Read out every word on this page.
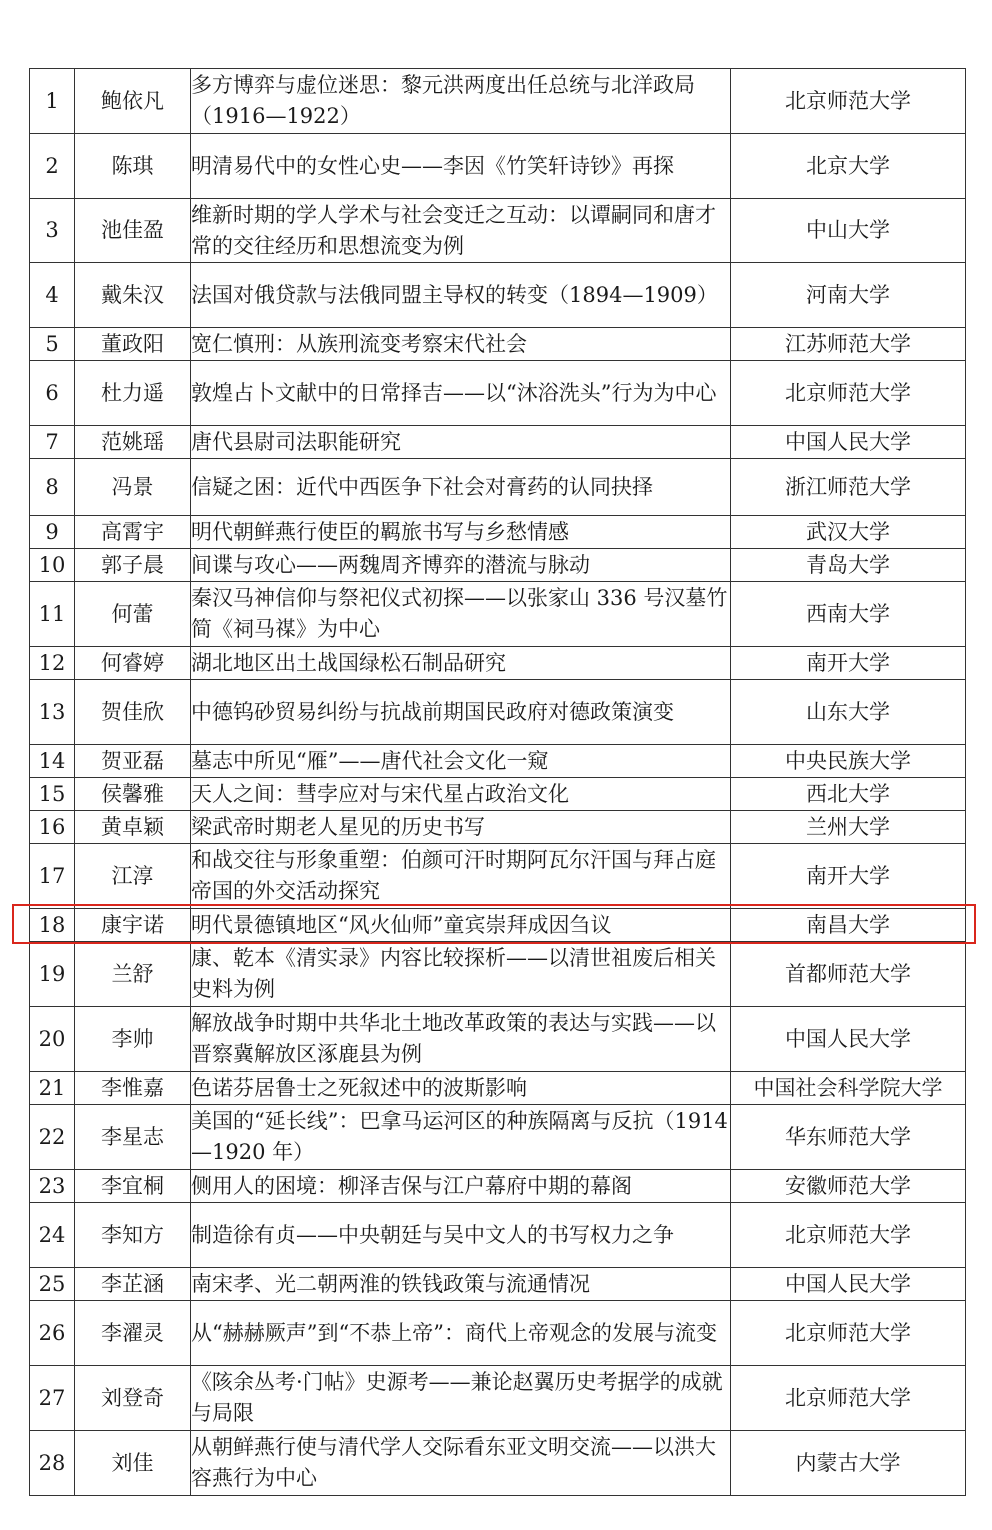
1	鲍依凡	多方博弈与虚位迷思：黎元洪两度出任总统与北洋政局（1916—1922）	北京师范大学
2	陈琪	明清易代中的女性心史——李因《竹笑轩诗钞》再探	北京大学
3	池佳盈	维新时期的学人学术与社会变迁之互动：以谭嗣同和唐才常的交往经历和思想流变为例	中山大学
4	戴朱汉	法国对俄贷款与法俄同盟主导权的转变（1894—1909）	河南大学
5	董政阳	宽仁慎刑：从族刑流变考察宋代社会	江苏师范大学
6	杜力遥	敦煌占卜文献中的日常择吉——以“沐浴洗头”行为为中心	北京师范大学
7	范姚瑶	唐代县尉司法职能研究	中国人民大学
8	冯景	信疑之困：近代中西医争下社会对膏药的认同抉择	浙江师范大学
9	高霄宇	明代朝鲜燕行使臣的羁旅书写与乡愁情感	武汉大学
10	郭子晨	间谍与攻心——两魏周齐博弈的潜流与脉动	青岛大学
11	何蕾	秦汉马神信仰与祭祀仪式初探——以张家山 336 号汉墓竹简《祠马禖》为中心	西南大学
12	何睿婷	湖北地区出土战国绿松石制品研究	南开大学
13	贺佳欣	中德钨砂贸易纠纷与抗战前期国民政府对德政策演变	山东大学
14	贺亚磊	墓志中所见“雁”——唐代社会文化一窥	中央民族大学
15	侯馨雅	天人之间：彗孛应对与宋代星占政治文化	西北大学
16	黄卓颖	梁武帝时期老人星见的历史书写	兰州大学
17	江淳	和战交往与形象重塑：伯颜可汗时期阿瓦尔汗国与拜占庭帝国的外交活动探究	南开大学
18	康宇诺	明代景德镇地区“风火仙师”童宾崇拜成因刍议	南昌大学
19	兰舒	康、乾本《清实录》内容比较探析——以清世祖废后相关史料为例	首都师范大学
20	李帅	解放战争时期中共华北土地改革政策的表达与实践——以晋察冀解放区涿鹿县为例	中国人民大学
21	李惟嘉	色诺芬居鲁士之死叙述中的波斯影响	中国社会科学院大学
22	李星志	美国的“延长线”：巴拿马运河区的种族隔离与反抗（1914—1920 年）	华东师范大学
23	李宜桐	侧用人的困境：柳泽吉保与江户幕府中期的幕阁	安徽师范大学
24	李知方	制造徐有贞——中央朝廷与吴中文人的书写权力之争	北京师范大学
25	李芷涵	南宋孝、光二朝两淮的铁钱政策与流通情况	中国人民大学
26	李濯灵	从“赫赫厥声”到“不恭上帝”：商代上帝观念的发展与流变	北京师范大学
27	刘登奇	《陔余丛考·门帖》史源考——兼论赵翼历史考据学的成就与局限	北京师范大学
28	刘佳	从朝鲜燕行使与清代学人交际看东亚文明交流——以洪大容燕行为中心	内蒙古大学
